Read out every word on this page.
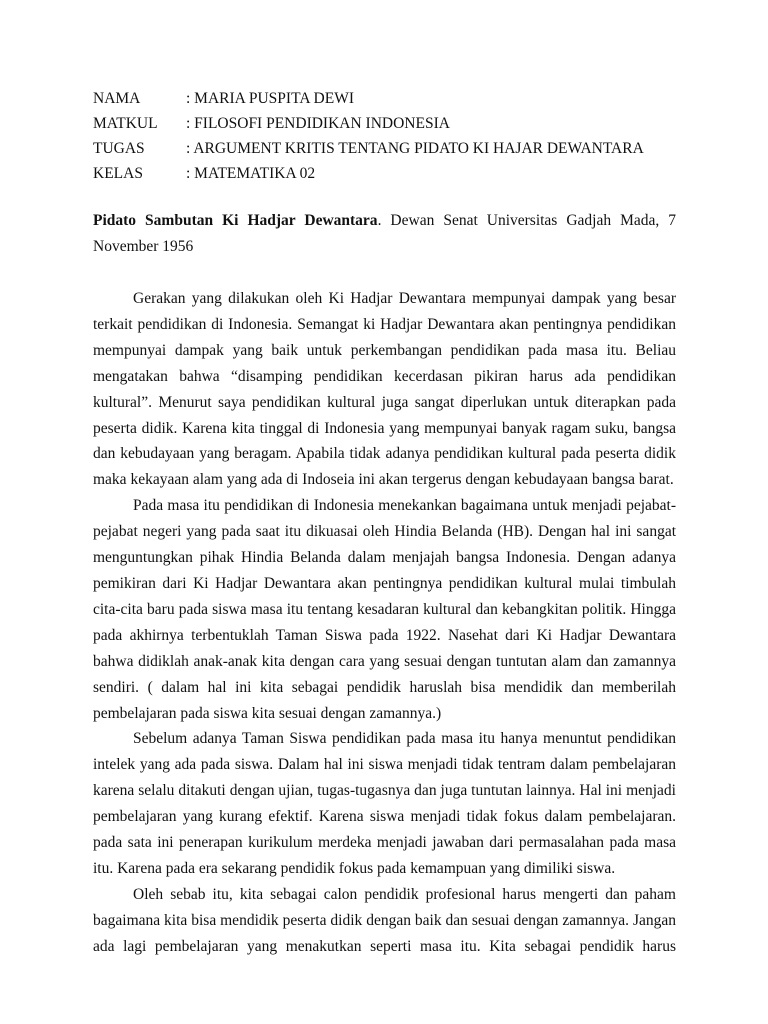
NAMA	: MARIA PUSPITA DEWI
MATKUL	: FILOSOFI PENDIDIKAN INDONESIA
TUGAS	: ARGUMENT KRITIS TENTANG PIDATO KI HAJAR DEWANTARA
KELAS	: MATEMATIKA 02
Pidato Sambutan Ki Hadjar Dewantara. Dewan Senat Universitas Gadjah Mada, 7 November 1956

Gerakan yang dilakukan oleh Ki Hadjar Dewantara mempunyai dampak yang besar terkait pendidikan di Indonesia. Semangat ki Hadjar Dewantara akan pentingnya pendidikan mempunyai dampak yang baik untuk perkembangan pendidikan pada masa itu. Beliau mengatakan bahwa “disamping pendidikan kecerdasan pikiran harus ada pendidikan kultural”. Menurut saya pendidikan kultural juga sangat diperlukan untuk diterapkan pada peserta didik. Karena kita tinggal di Indonesia yang mempunyai banyak ragam suku, bangsa dan kebudayaan yang beragam. Apabila tidak adanya pendidikan kultural pada peserta didik maka kekayaan alam yang ada di Indoseia ini akan tergerus dengan kebudayaan bangsa barat.

Pada masa itu pendidikan di Indonesia menekankan bagaimana untuk menjadi pejabat-pejabat negeri yang pada saat itu dikuasai oleh Hindia Belanda (HB). Dengan hal ini sangat menguntungkan pihak Hindia Belanda dalam menjajah bangsa Indonesia. Dengan adanya pemikiran dari Ki Hadjar Dewantara akan pentingnya pendidikan kultural mulai timbulah cita-cita baru pada siswa masa itu tentang kesadaran kultural dan kebangkitan politik. Hingga pada akhirnya terbentuklah Taman Siswa pada 1922. Nasehat dari Ki Hadjar Dewantara bahwa didiklah anak-anak kita dengan cara yang sesuai dengan tuntutan alam dan zamannya sendiri. ( dalam hal ini kita sebagai pendidik haruslah bisa mendidik dan memberilah pembelajaran pada siswa kita sesuai dengan zamannya.)

Sebelum adanya Taman Siswa pendidikan pada masa itu hanya menuntut pendidikan intelek yang ada pada siswa. Dalam hal ini siswa menjadi tidak tentram dalam pembelajaran karena selalu ditakuti dengan ujian, tugas-tugasnya dan juga tuntutan lainnya. Hal ini menjadi pembelajaran yang kurang efektif. Karena siswa menjadi tidak fokus dalam pembelajaran. pada sata ini penerapan kurikulum merdeka menjadi jawaban dari permasalahan pada masa itu. Karena pada era sekarang pendidik fokus pada kemampuan yang dimiliki siswa.

Oleh sebab itu, kita sebagai calon pendidik profesional harus mengerti dan paham bagaimana kita bisa mendidik peserta didik dengan baik dan sesuai dengan zamannya. Jangan ada lagi pembelajaran yang menakutkan seperti masa itu. Kita sebagai pendidik harus
